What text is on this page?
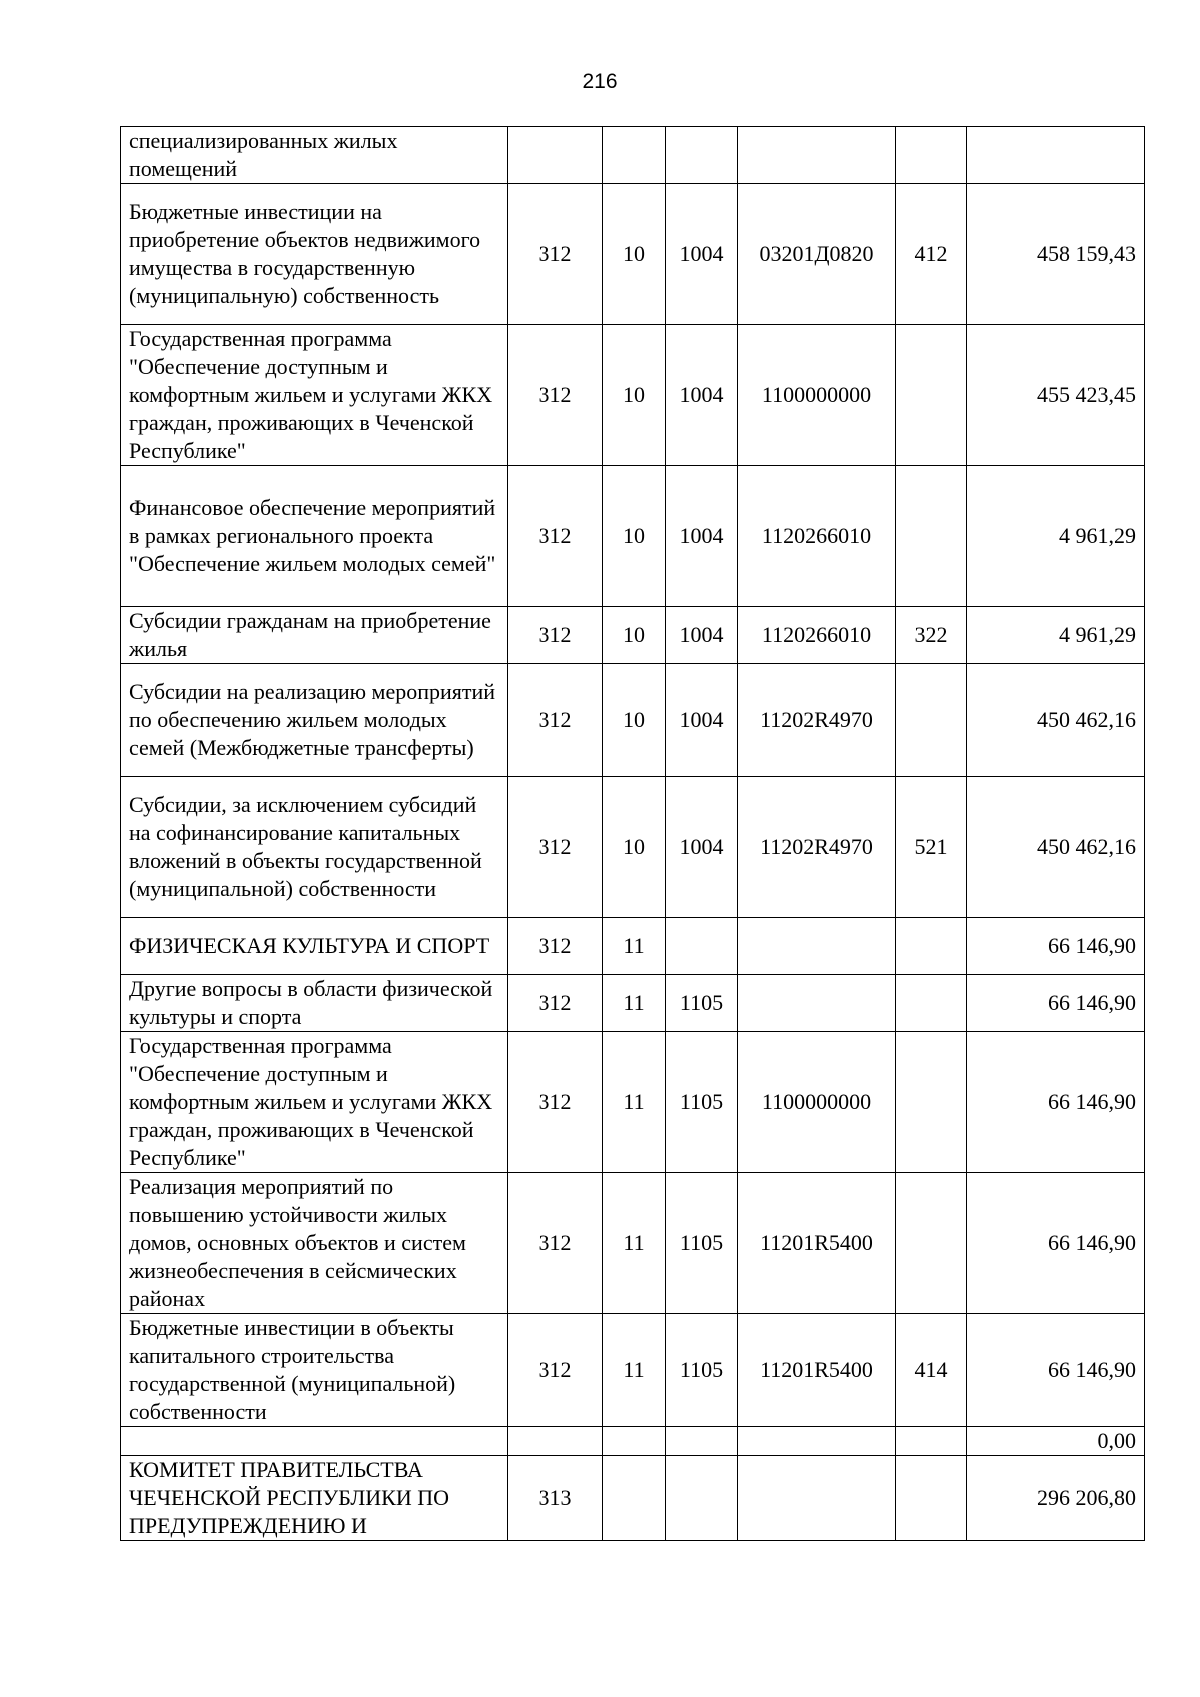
216
специализированных жилых помещений						
Бюджетные инвестиции на приобретение объектов недвижимого имущества в государственную (муниципальную) собственность	312	10	1004	03201Д0820	412	458 159,43
Государственная программа "Обеспечение доступным и комфортным жильем и услугами ЖКХ граждан, проживающих в Чеченской Республике"	312	10	1004	1100000000		455 423,45
Финансовое обеспечение мероприятий в рамках регионального проекта "Обеспечение жильем молодых семей"	312	10	1004	1120266010		4 961,29
Субсидии гражданам на приобретение жилья	312	10	1004	1120266010	322	4 961,29
Субсидии на реализацию мероприятий по обеспечению жильем молодых семей (Межбюджетные трансферты)	312	10	1004	11202R4970		450 462,16
Субсидии, за исключением субсидий на софинансирование капитальных вложений в объекты государственной (муниципальной) собственности	312	10	1004	11202R4970	521	450 462,16
ФИЗИЧЕСКАЯ КУЛЬТУРА И СПОРТ	312	11				66 146,90
Другие вопросы в области физической культуры и спорта	312	11	1105			66 146,90
Государственная программа "Обеспечение доступным и комфортным жильем и услугами ЖКХ граждан, проживающих в Чеченской Республике"	312	11	1105	1100000000		66 146,90
Реализация мероприятий по повышению устойчивости жилых домов, основных объектов и систем жизнеобеспечения в сейсмических районах	312	11	1105	11201R5400		66 146,90
Бюджетные инвестиции в объекты капитального строительства государственной (муниципальной) собственности	312	11	1105	11201R5400	414	66 146,90
						0,00
КОМИТЕТ ПРАВИТЕЛЬСТВА ЧЕЧЕНСКОЙ РЕСПУБЛИКИ ПО ПРЕДУПРЕЖДЕНИЮ И	313					296 206,80
